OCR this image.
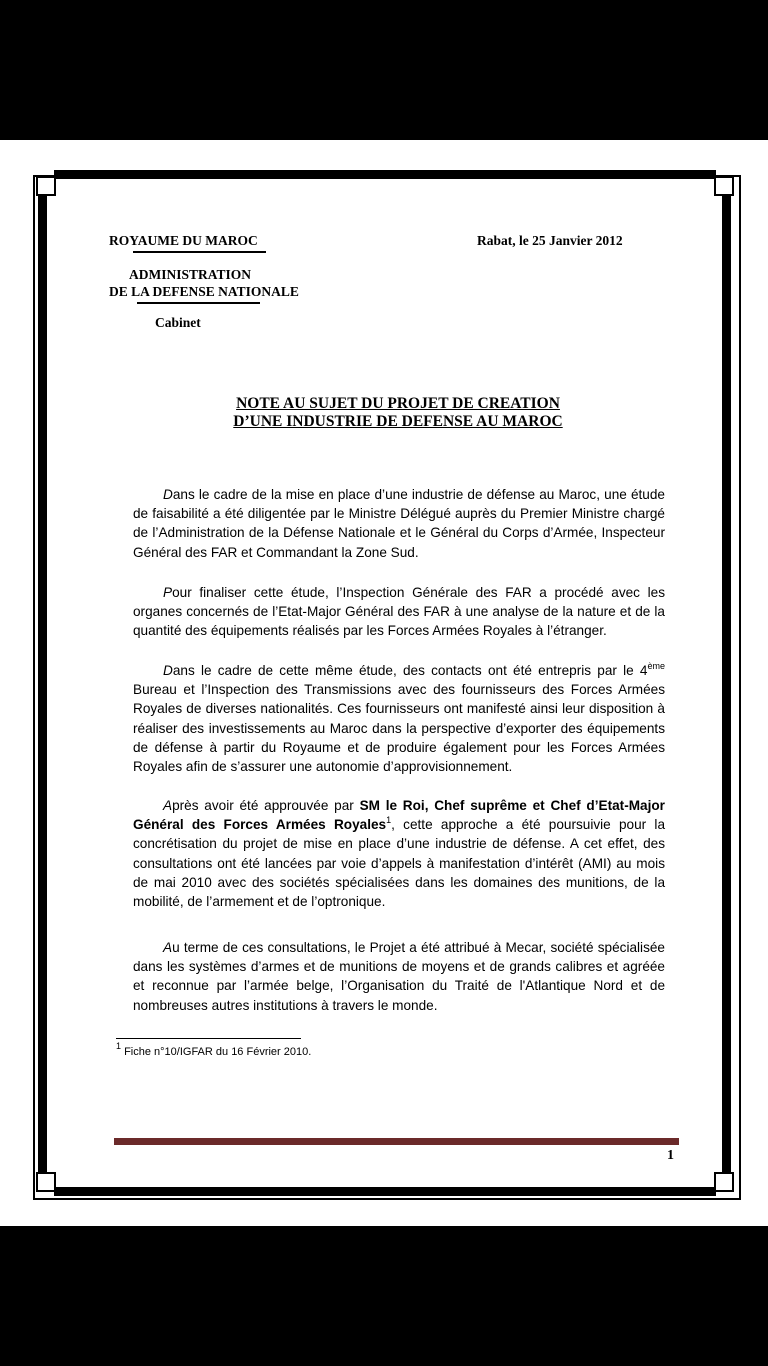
ROYAUME DU MAROC	Rabat, le 25 Janvier 2012
ADMINISTRATION
DE LA DEFENSE NATIONALE
Cabinet
NOTE AU SUJET DU PROJET DE CREATION
D’UNE INDUSTRIE DE DEFENSE AU MAROC

Dans le cadre de la mise en place d’une industrie de défense au Maroc, une étude de faisabilité a été diligentée par le Ministre Délégué auprès du Premier Ministre chargé de l’Administration de la Défense Nationale et le Général du Corps d’Armée, Inspecteur Général des FAR et Commandant la Zone Sud.

Pour finaliser cette étude, l’Inspection Générale des FAR a procédé avec les organes concernés de l’Etat-Major Général des FAR à une analyse de la nature et de la quantité des équipements réalisés par les Forces Armées Royales à l’étranger.

Dans le cadre de cette même étude, des contacts ont été entrepris par le 4ème Bureau et l’Inspection des Transmissions avec des fournisseurs des Forces Armées Royales de diverses nationalités. Ces fournisseurs ont manifesté ainsi leur disposition à réaliser des investissements au Maroc dans la perspective d’exporter des équipements de défense à partir du Royaume et de produire également pour les Forces Armées Royales afin de s’assurer une autonomie d’approvisionnement.

Après avoir été approuvée par SM le Roi, Chef suprême et Chef d’Etat-Major Général des Forces Armées Royales$^1$, cette approche a été poursuivie pour la concrétisation du projet de mise en place d’une industrie de défense. A cet effet, des consultations ont été lancées par voie d’appels à manifestation d’intérêt (AMI) au mois de mai 2010 avec des sociétés spécialisées dans les domaines des munitions, de la mobilité, de l’armement et de l’optronique.

Au terme de ces consultations, le Projet a été attribué à Mecar, société spécialisée dans les systèmes d’armes et de munitions de moyens et de grands calibres et agréée et reconnue par l’armée belge, l’Organisation du Traité de l'Atlantique Nord et de nombreuses autres institutions à travers le monde.

$^1$ Fiche n°10/IGFAR du 16 Février 2010.
1
